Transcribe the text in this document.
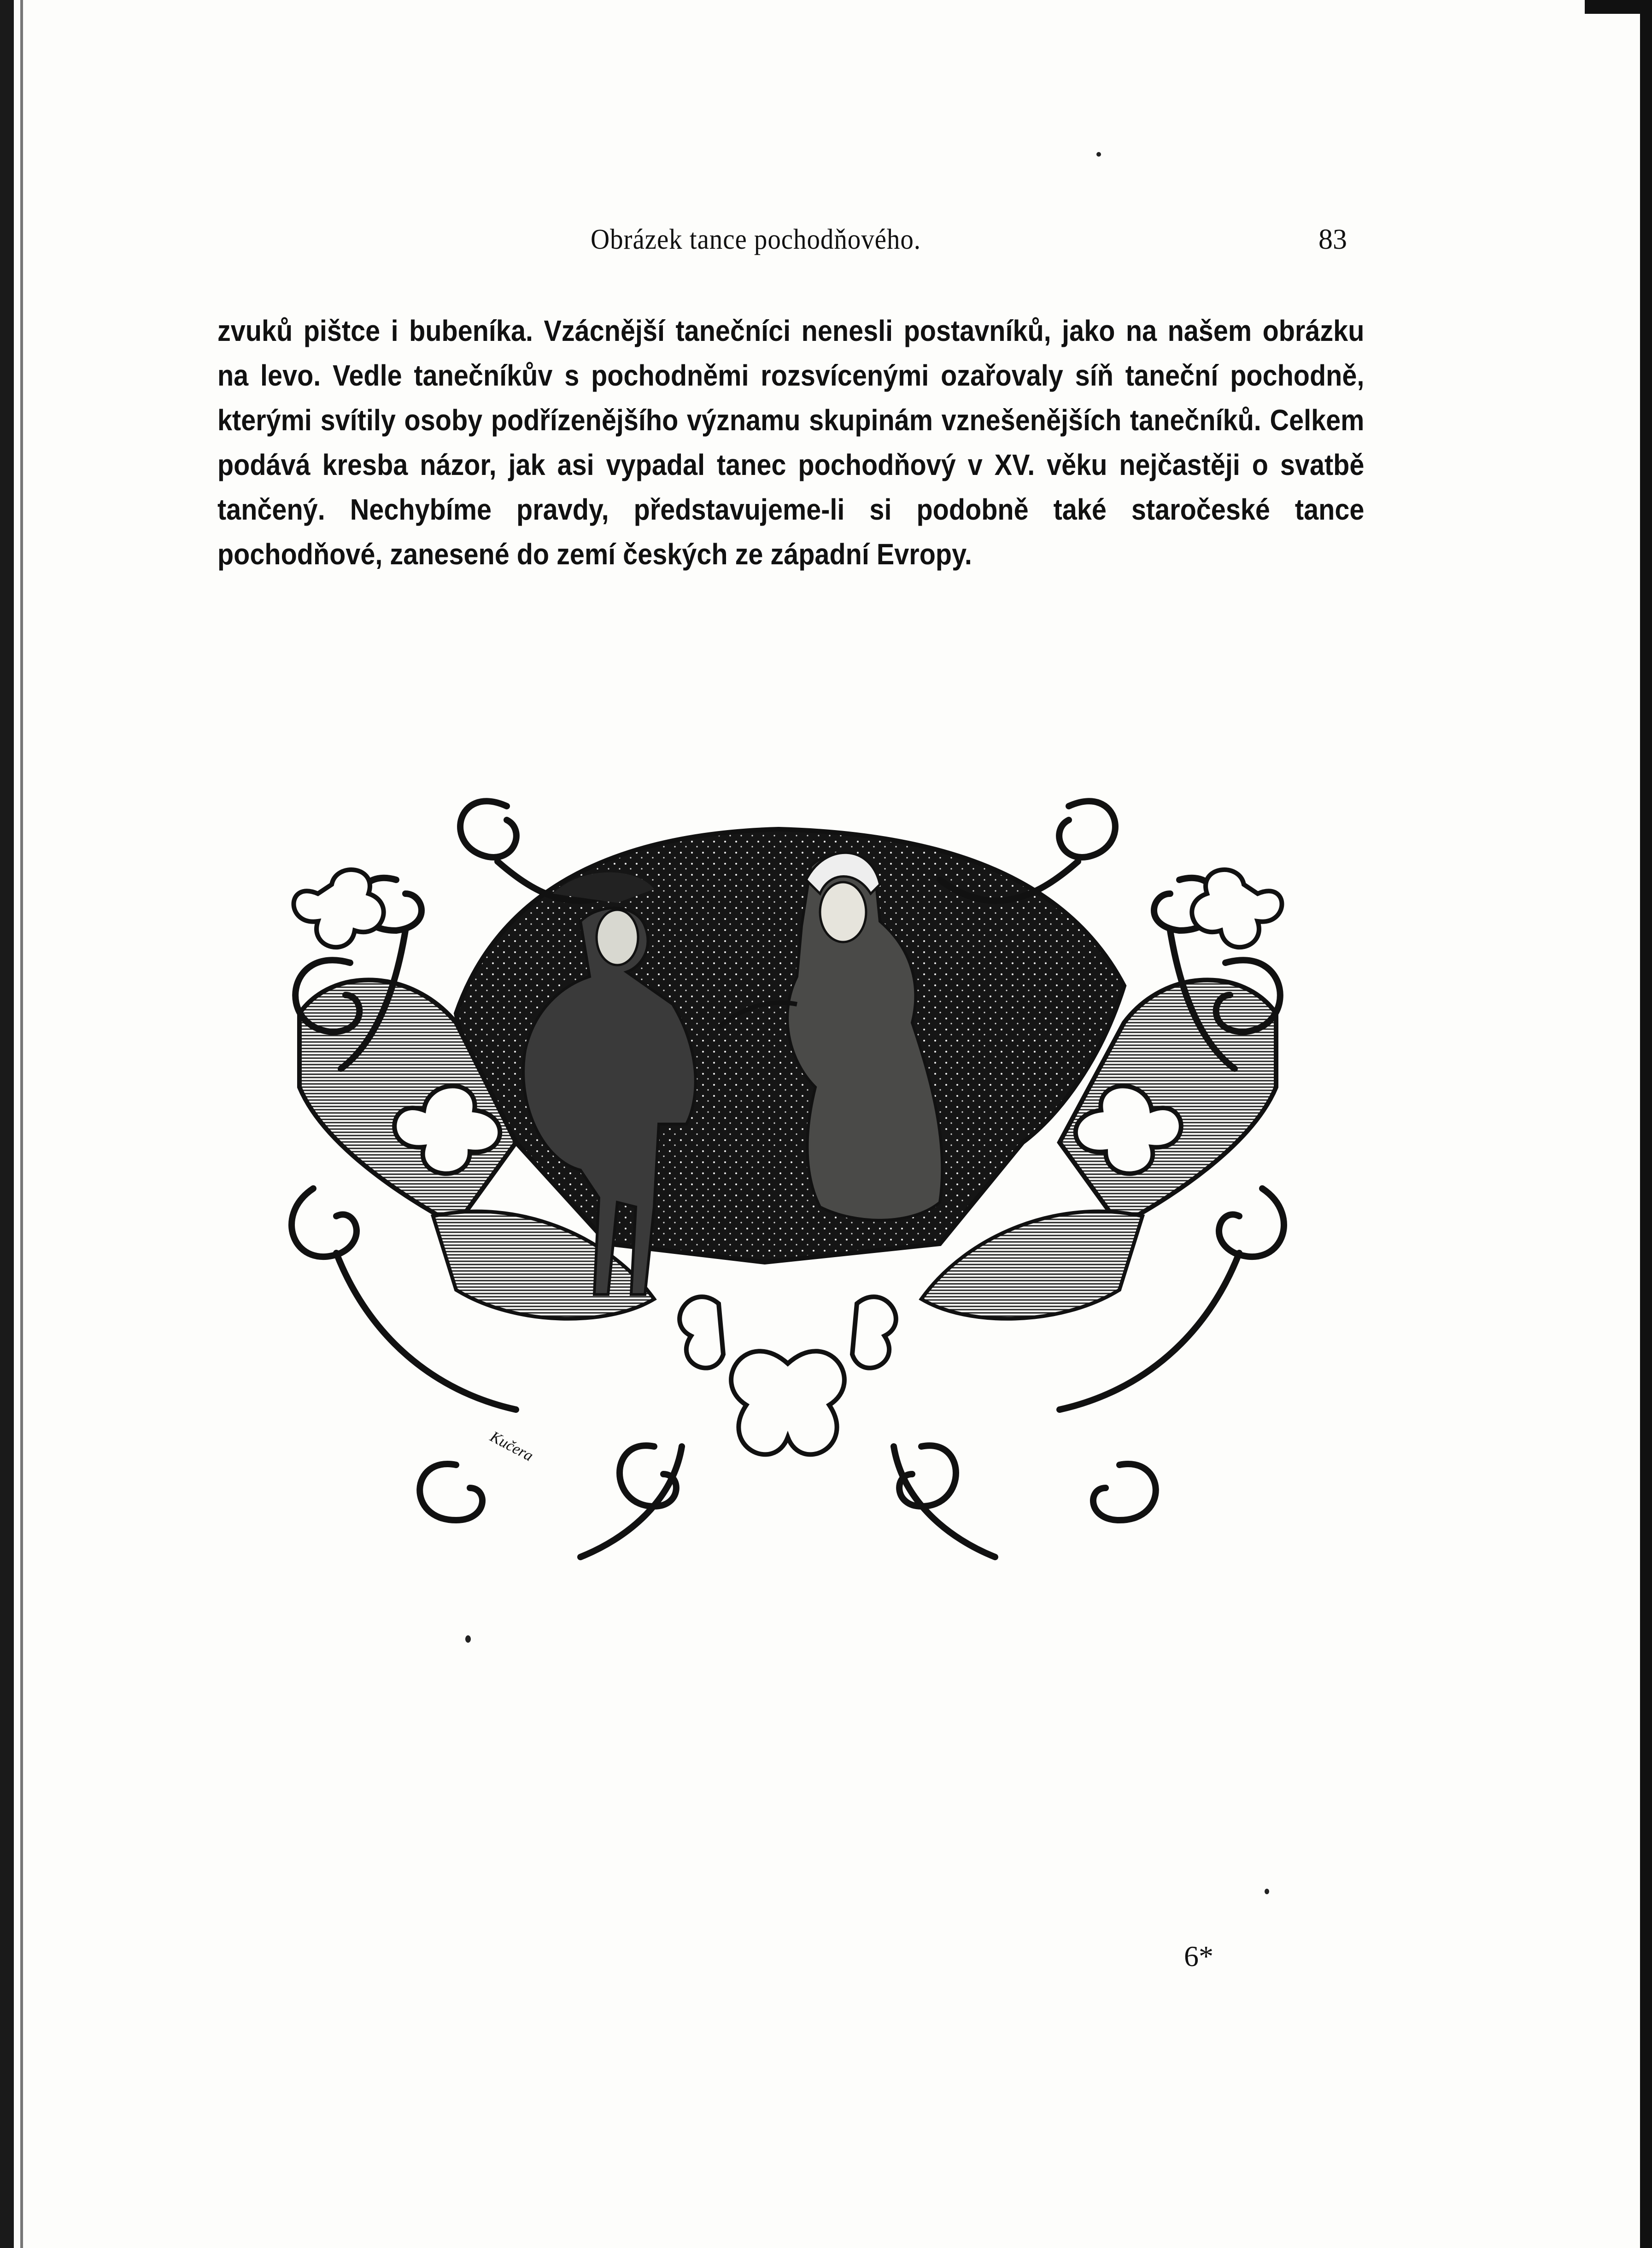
Obrázek tance pochodňového.	83

zvuků pištce i bubeníka. Vzácnější tanečníci nenesli postavníků, jako na našem obrázku na levo. Vedle tanečníkův s pochodněmi rozsvícenými ozařovaly síň taneční pochodně, kterými svítily osoby podřízenějšího významu skupinám vznešenějších tanečníků. Celkem podává kresba názor, jak asi vypadal tanec pochodňový v XV. věku nejčastěji o svatbě tančený. Nechybíme pravdy, představujeme-li si podobně také staročeské tance pochodňové, zanesené do zemí českých ze západní Evropy.

Kučera
6*
